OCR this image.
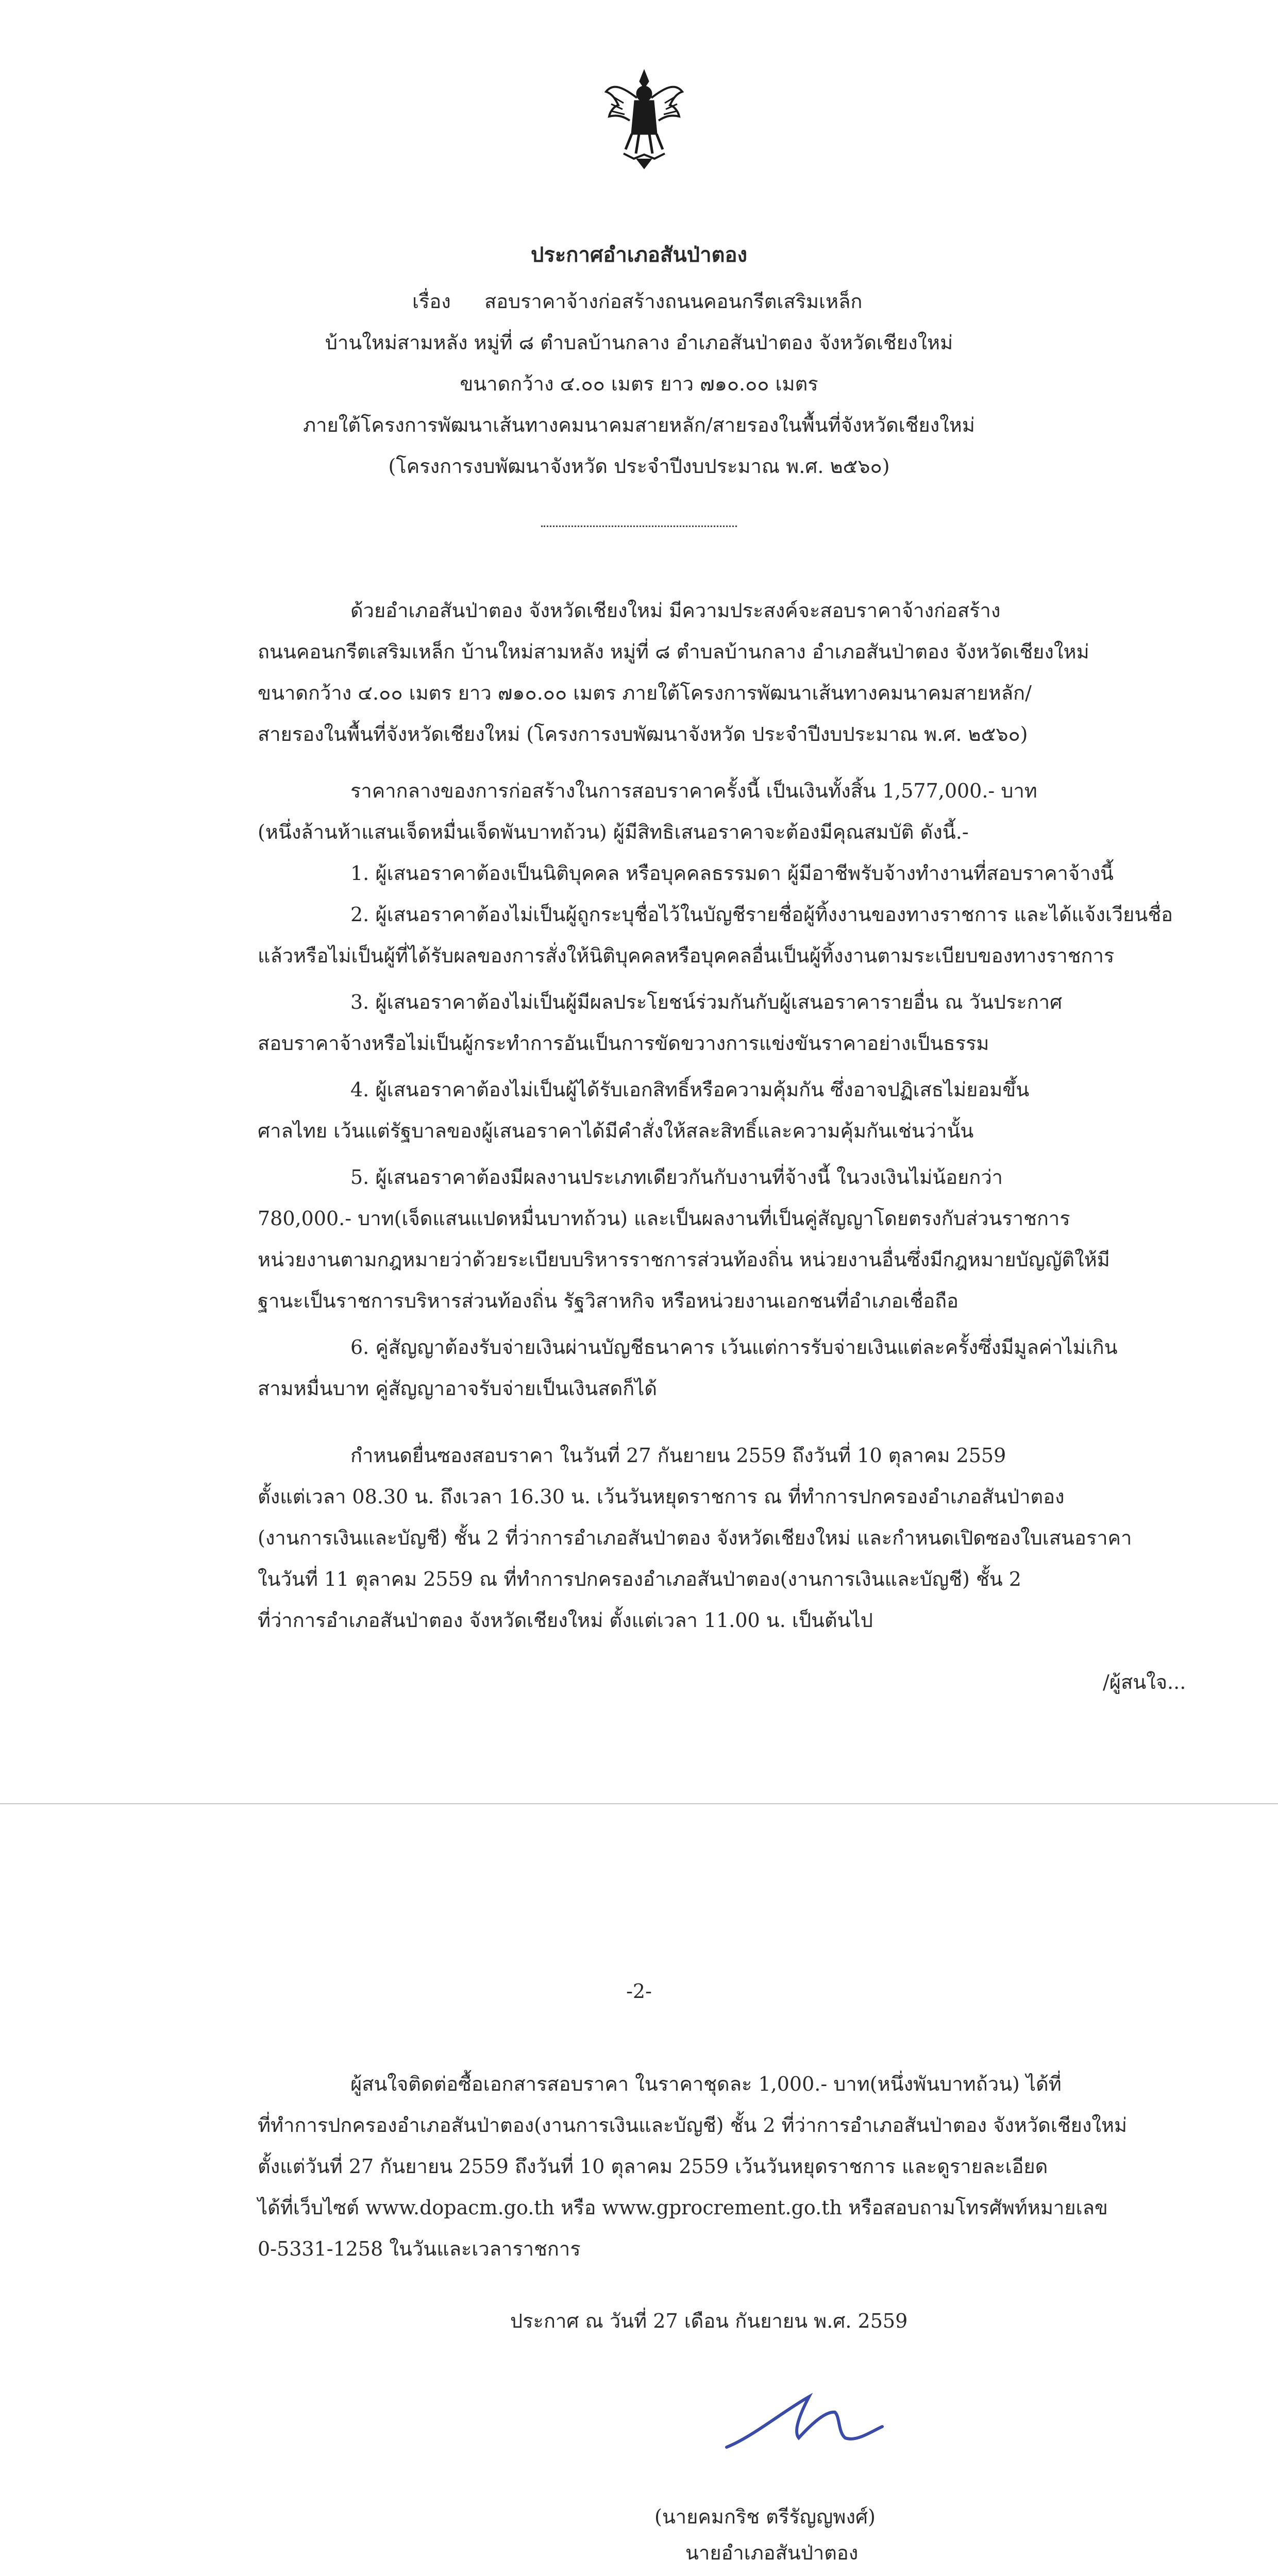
ประกาศอำเภอสันป่าตอง
เรื่อง สอบราคาจ้างก่อสร้างถนนคอนกรีตเสริมเหล็ก
บ้านใหม่สามหลัง หมู่ที่ ๘ ตำบลบ้านกลาง อำเภอสันป่าตอง จังหวัดเชียงใหม่
ขนาดกว้าง ๔.๐๐ เมตร ยาว ๗๑๐.๐๐ เมตร
ภายใต้โครงการพัฒนาเส้นทางคมนาคมสายหลัก/สายรองในพื้นที่จังหวัดเชียงใหม่
(โครงการงบพัฒนาจังหวัด ประจำปีงบประมาณ พ.ศ. ๒๕๖๐)
ด้วยอำเภอสันป่าตอง จังหวัดเชียงใหม่ มีความประสงค์จะสอบราคาจ้างก่อสร้าง
ถนนคอนกรีตเสริมเหล็ก บ้านใหม่สามหลัง หมู่ที่ ๘ ตำบลบ้านกลาง อำเภอสันป่าตอง จังหวัดเชียงใหม่
ขนาดกว้าง ๔.๐๐ เมตร ยาว ๗๑๐.๐๐ เมตร ภายใต้โครงการพัฒนาเส้นทางคมนาคมสายหลัก/
สายรองในพื้นที่จังหวัดเชียงใหม่ (โครงการงบพัฒนาจังหวัด ประจำปีงบประมาณ พ.ศ. ๒๕๖๐)
ราคากลางของการก่อสร้างในการสอบราคาครั้งนี้ เป็นเงินทั้งสิ้น 1,577,000.- บาท
(หนึ่งล้านห้าแสนเจ็ดหมื่นเจ็ดพันบาทถ้วน) ผู้มีสิทธิเสนอราคาจะต้องมีคุณสมบัติ ดังนี้.-
1. ผู้เสนอราคาต้องเป็นนิติบุคคล หรือบุคคลธรรมดา ผู้มีอาชีพรับจ้างทำงานที่สอบราคาจ้างนี้
2. ผู้เสนอราคาต้องไม่เป็นผู้ถูกระบุชื่อไว้ในบัญชีรายชื่อผู้ทิ้งงานของทางราชการ และได้แจ้งเวียนชื่อ
แล้วหรือไม่เป็นผู้ที่ได้รับผลของการสั่งให้นิติบุคคลหรือบุคคลอื่นเป็นผู้ทิ้งงานตามระเบียบของทางราชการ
3. ผู้เสนอราคาต้องไม่เป็นผู้มีผลประโยชน์ร่วมกันกับผู้เสนอราคารายอื่น ณ วันประกาศ
สอบราคาจ้างหรือไม่เป็นผู้กระทำการอันเป็นการขัดขวางการแข่งขันราคาอย่างเป็นธรรม
4. ผู้เสนอราคาต้องไม่เป็นผู้ได้รับเอกสิทธิ์หรือความคุ้มกัน ซึ่งอาจปฏิเสธไม่ยอมขึ้น
ศาลไทย เว้นแต่รัฐบาลของผู้เสนอราคาได้มีคำสั่งให้สละสิทธิ์และความคุ้มกันเช่นว่านั้น
5. ผู้เสนอราคาต้องมีผลงานประเภทเดียวกันกับงานที่จ้างนี้ ในวงเงินไม่น้อยกว่า
780,000.- บาท(เจ็ดแสนแปดหมื่นบาทถ้วน) และเป็นผลงานที่เป็นคู่สัญญาโดยตรงกับส่วนราชการ
หน่วยงานตามกฎหมายว่าด้วยระเบียบบริหารราชการส่วนท้องถิ่น หน่วยงานอื่นซึ่งมีกฎหมายบัญญัติให้มี
ฐานะเป็นราชการบริหารส่วนท้องถิ่น รัฐวิสาหกิจ หรือหน่วยงานเอกชนที่อำเภอเชื่อถือ
6. คู่สัญญาต้องรับจ่ายเงินผ่านบัญชีธนาคาร เว้นแต่การรับจ่ายเงินแต่ละครั้งซึ่งมีมูลค่าไม่เกิน
สามหมื่นบาท คู่สัญญาอาจรับจ่ายเป็นเงินสดก็ได้
กำหนดยื่นซองสอบราคา ในวันที่ 27 กันยายน 2559 ถึงวันที่ 10 ตุลาคม 2559
ตั้งแต่เวลา 08.30 น. ถึงเวลา 16.30 น. เว้นวันหยุดราชการ ณ ที่ทำการปกครองอำเภอสันป่าตอง
(งานการเงินและบัญชี) ชั้น 2 ที่ว่าการอำเภอสันป่าตอง จังหวัดเชียงใหม่ และกำหนดเปิดซองใบเสนอราคา
ในวันที่ 11 ตุลาคม 2559 ณ ที่ทำการปกครองอำเภอสันป่าตอง(งานการเงินและบัญชี) ชั้น 2
ที่ว่าการอำเภอสันป่าตอง จังหวัดเชียงใหม่ ตั้งแต่เวลา 11.00 น. เป็นต้นไป
/ผู้สนใจ...
-2-
ผู้สนใจติดต่อซื้อเอกสารสอบราคา ในราคาชุดละ 1,000.- บาท(หนึ่งพันบาทถ้วน) ได้ที่
ที่ทำการปกครองอำเภอสันป่าตอง(งานการเงินและบัญชี) ชั้น 2 ที่ว่าการอำเภอสันป่าตอง จังหวัดเชียงใหม่
ตั้งแต่วันที่ 27 กันยายน 2559 ถึงวันที่ 10 ตุลาคม 2559 เว้นวันหยุดราชการ และดูรายละเอียด
ได้ที่เว็บไซต์ www.dopacm.go.th หรือ www.gprocrement.go.th หรือสอบถามโทรศัพท์หมายเลข
0-5331-1258 ในวันและเวลาราชการ
ประกาศ ณ วันที่ 27 เดือน กันยายน พ.ศ. 2559
(นายคมกริช ตรีรัญญพงศ์)
นายอำเภอสันป่าตอง
